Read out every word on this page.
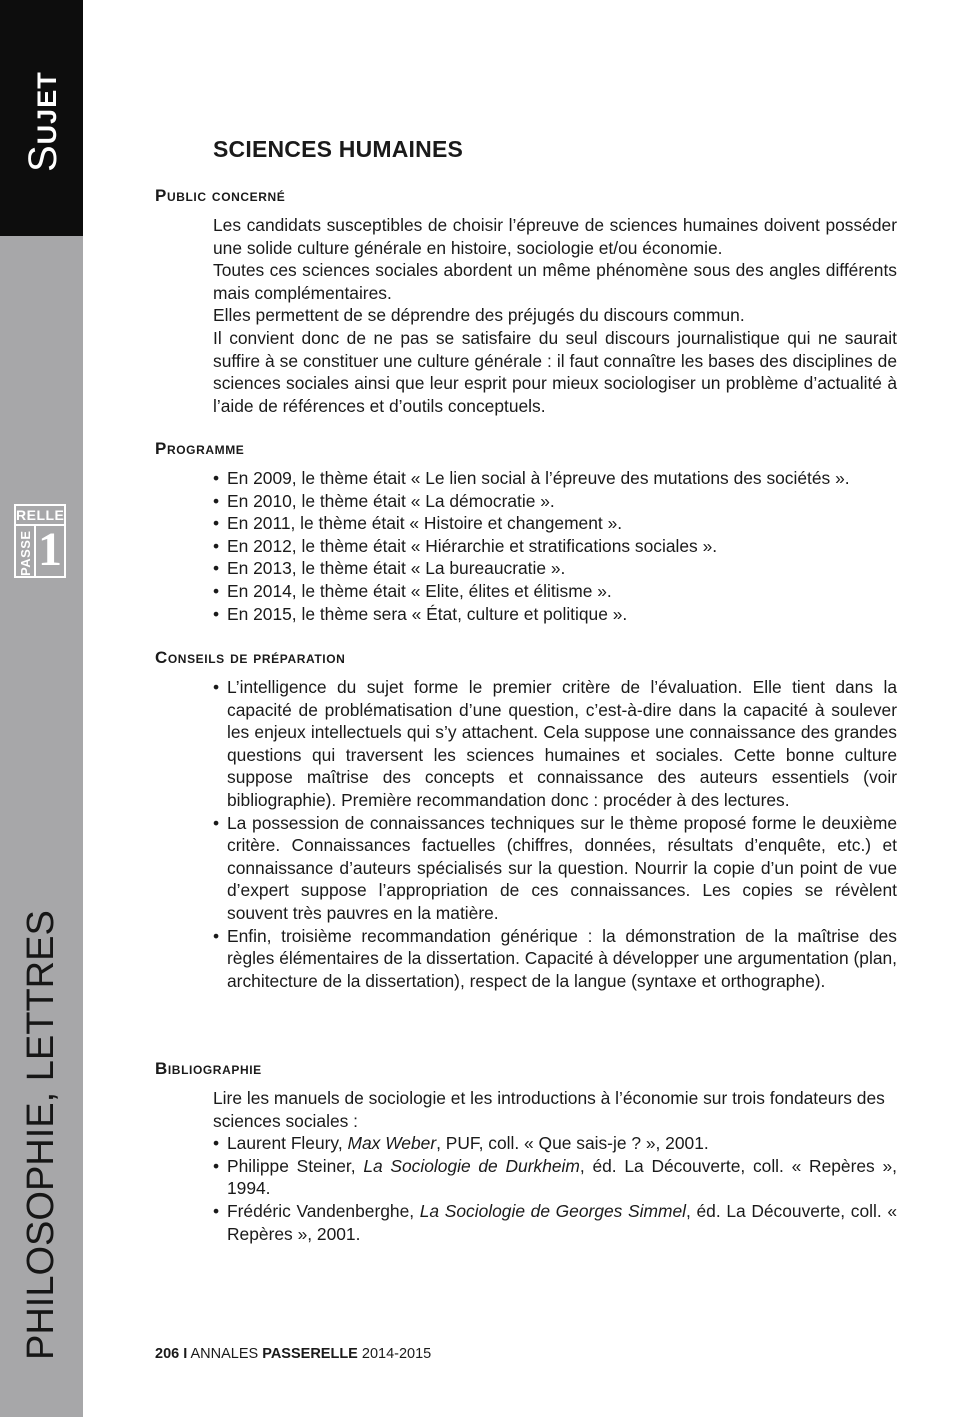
SUJET
RELLE
PASSE 1
PHILOSOPHIE, LETTRES
SCIENCES HUMAINES
Public concerné

Les candidats susceptibles de choisir l’épreuve de sciences humaines doivent posséder une solide culture générale en histoire, sociologie et/ou économie.

Toutes ces sciences sociales abordent un même phénomène sous des angles différents mais complémentaires.

Elles permettent de se déprendre des préjugés du discours commun.

Il convient donc de ne pas se satisfaire du seul discours journalistique qui ne saurait suffire à se constituer une culture générale : il faut connaître les bases des disciplines de sciences sociales ainsi que leur esprit pour mieux sociologiser un problème d’actualité à l’aide de références et d’outils conceptuels.

Programme
• En 2009, le thème était « Le lien social à l’épreuve des mutations des sociétés ».
• En 2010, le thème était « La démocratie ».
• En 2011, le thème était « Histoire et changement ».
• En 2012, le thème était « Hiérarchie et stratifications sociales ».
• En 2013, le thème était « La bureaucratie ».
• En 2014, le thème était « Elite, élites et élitisme ».
• En 2015, le thème sera « État, culture et politique ».
Conseils de préparation
• L’intelligence du sujet forme le premier critère de l’évaluation. Elle tient dans la capacité de problématisation d’une question, c’est-à-dire dans la capacité à soulever les enjeux intellectuels qui s’y attachent. Cela suppose une connaissance des grandes questions qui traversent les sciences humaines et sociales. Cette bonne culture suppose maîtrise des concepts et connaissance des auteurs essentiels (voir bibliographie). Première recommandation donc : procéder à des lectures.
• La possession de connaissances techniques sur le thème proposé forme le deuxième critère. Connaissances factuelles (chiffres, données, résultats d’enquête, etc.) et connaissance d’auteurs spécialisés sur la question. Nourrir la copie d’un point de vue d’expert suppose l’appropriation de ces connaissances. Les copies se révèlent souvent très pauvres en la matière.
• Enfin, troisième recommandation générique : la démonstration de la maîtrise des règles élémentaires de la dissertation. Capacité à développer une argumentation (plan, architecture de la dissertation), respect de la langue (syntaxe et orthographe).
Bibliographie

Lire les manuels de sociologie et les introductions à l’économie sur trois fondateurs des sciences sociales :

• Laurent Fleury, Max Weber, PUF, coll. « Que sais-je ? », 2001.
• Philippe Steiner, La Sociologie de Durkheim, éd. La Découverte, coll. « Repères », 1994.
• Frédéric Vandenberghe, La Sociologie de Georges Simmel, éd. La Découverte, coll. « Repères », 2001.

206 I ANNALES PASSERELLE 2014-2015
